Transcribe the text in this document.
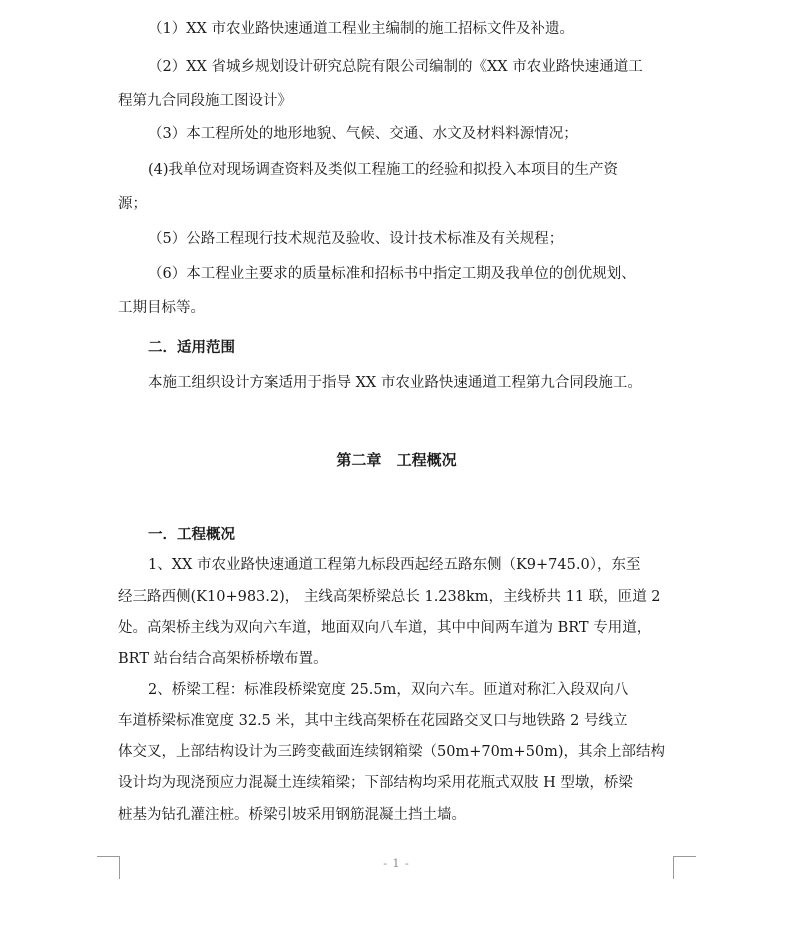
（1）XX 市农业路快速通道工程业主编制的施工招标文件及补遗。
（2）XX 省城乡规划设计研究总院有限公司编制的《XX 市农业路快速通道工
程第九合同段施工图设计》
（3）本工程所处的地形地貌、气候、交通、水文及材料料源情况；
(4)我单位对现场调查资料及类似工程施工的经验和拟投入本项目的生产资
源；
（5）公路工程现行技术规范及验收、设计技术标准及有关规程；
（6）本工程业主要求的质量标准和招标书中指定工期及我单位的创优规划、
工期目标等。
二．适用范围
本施工组织设计方案适用于指导 XX 市农业路快速通道工程第九合同段施工。
第二章 工程概况
一．工程概况
1、XX 市农业路快速通道工程第九标段西起经五路东侧（K9+745.0），东至
经三路西侧(K10+983.2)， 主线高架桥梁总长 1.238km，主线桥共 11 联，匝道 2
处。高架桥主线为双向六车道，地面双向八车道，其中中间两车道为 BRT 专用道，
BRT 站台结合高架桥桥墩布置。
2、桥梁工程：标准段桥梁宽度 25.5m，双向六车。匝道对称汇入段双向八
车道桥梁标准宽度 32.5 米，其中主线高架桥在花园路交叉口与地铁路 2 号线立
体交叉，上部结构设计为三跨变截面连续钢箱梁（50m+70m+50m)，其余上部结构
设计均为现浇预应力混凝土连续箱梁；下部结构均采用花瓶式双肢 H 型墩，桥梁
桩基为钻孔灌注桩。桥梁引坡采用钢筋混凝土挡土墙。
- 1 -
